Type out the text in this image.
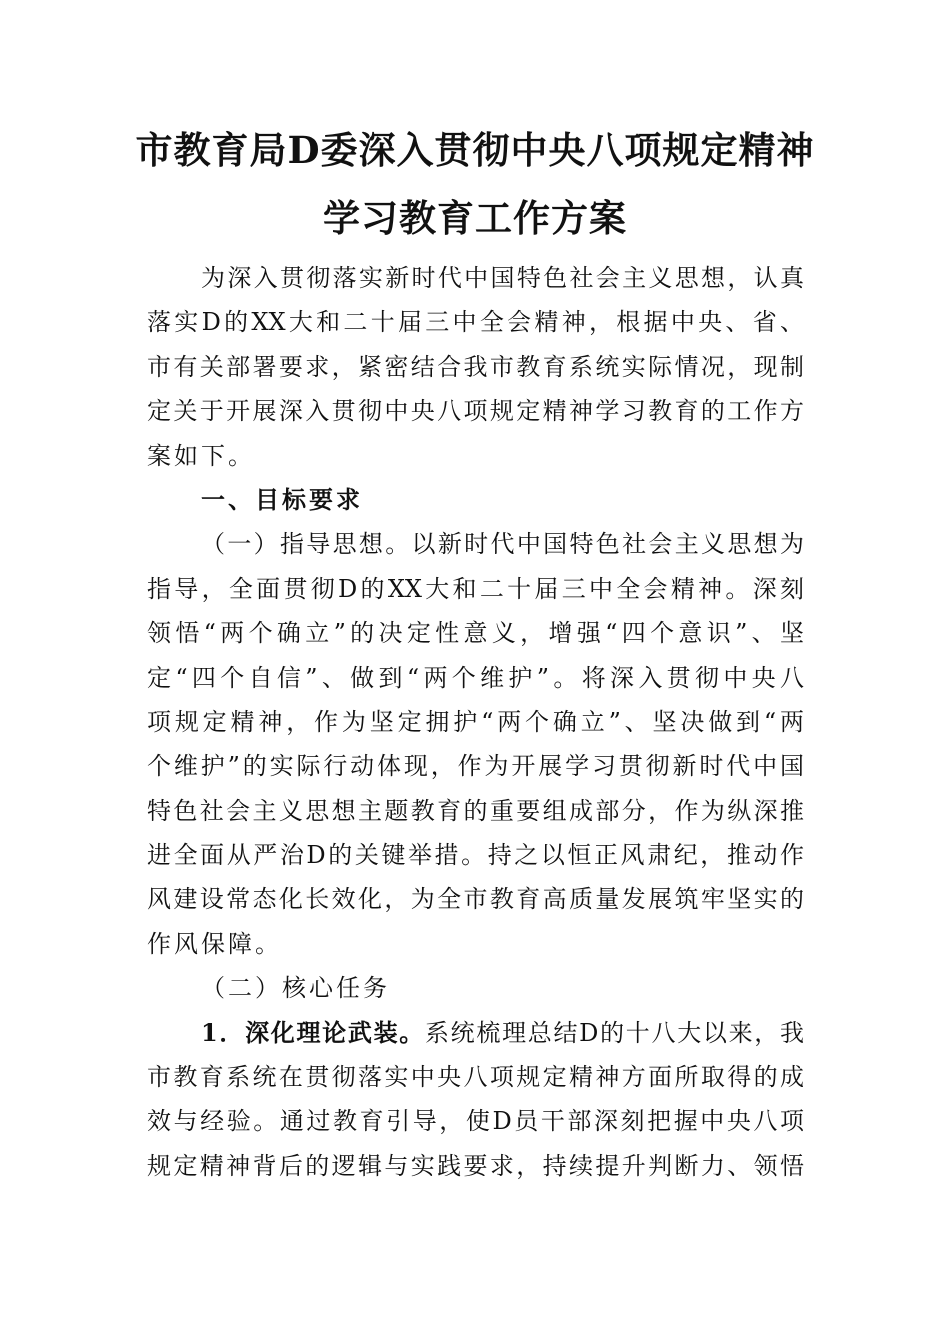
市教育局D委深入贯彻中央八项规定精神
学习教育工作方案
为深入贯彻落实新时代中国特色社会主义思想，认真
落实D的XX大和二十届三中全会精神，根据中央、省、
市有关部署要求，紧密结合我市教育系统实际情况，现制
定关于开展深入贯彻中央八项规定精神学习教育的工作方
案如下。
一、目标要求
（一）指导思想。以新时代中国特色社会主义思想为
指导，全面贯彻D的XX大和二十届三中全会精神。深刻
领悟“两个确立”的决定性意义，增强“四个意识”、坚
定“四个自信”、做到“两个维护”。将深入贯彻中央八
项规定精神，作为坚定拥护“两个确立”、坚决做到“两
个维护”的实际行动体现，作为开展学习贯彻新时代中国
特色社会主义思想主题教育的重要组成部分，作为纵深推
进全面从严治D的关键举措。持之以恒正风肃纪，推动作
风建设常态化长效化，为全市教育高质量发展筑牢坚实的
作风保障。
（二）核心任务
1．深化理论武装。系统梳理总结D的十八大以来，我
市教育系统在贯彻落实中央八项规定精神方面所取得的成
效与经验。通过教育引导，使D员干部深刻把握中央八项
规定精神背后的逻辑与实践要求，持续提升判断力、领悟
